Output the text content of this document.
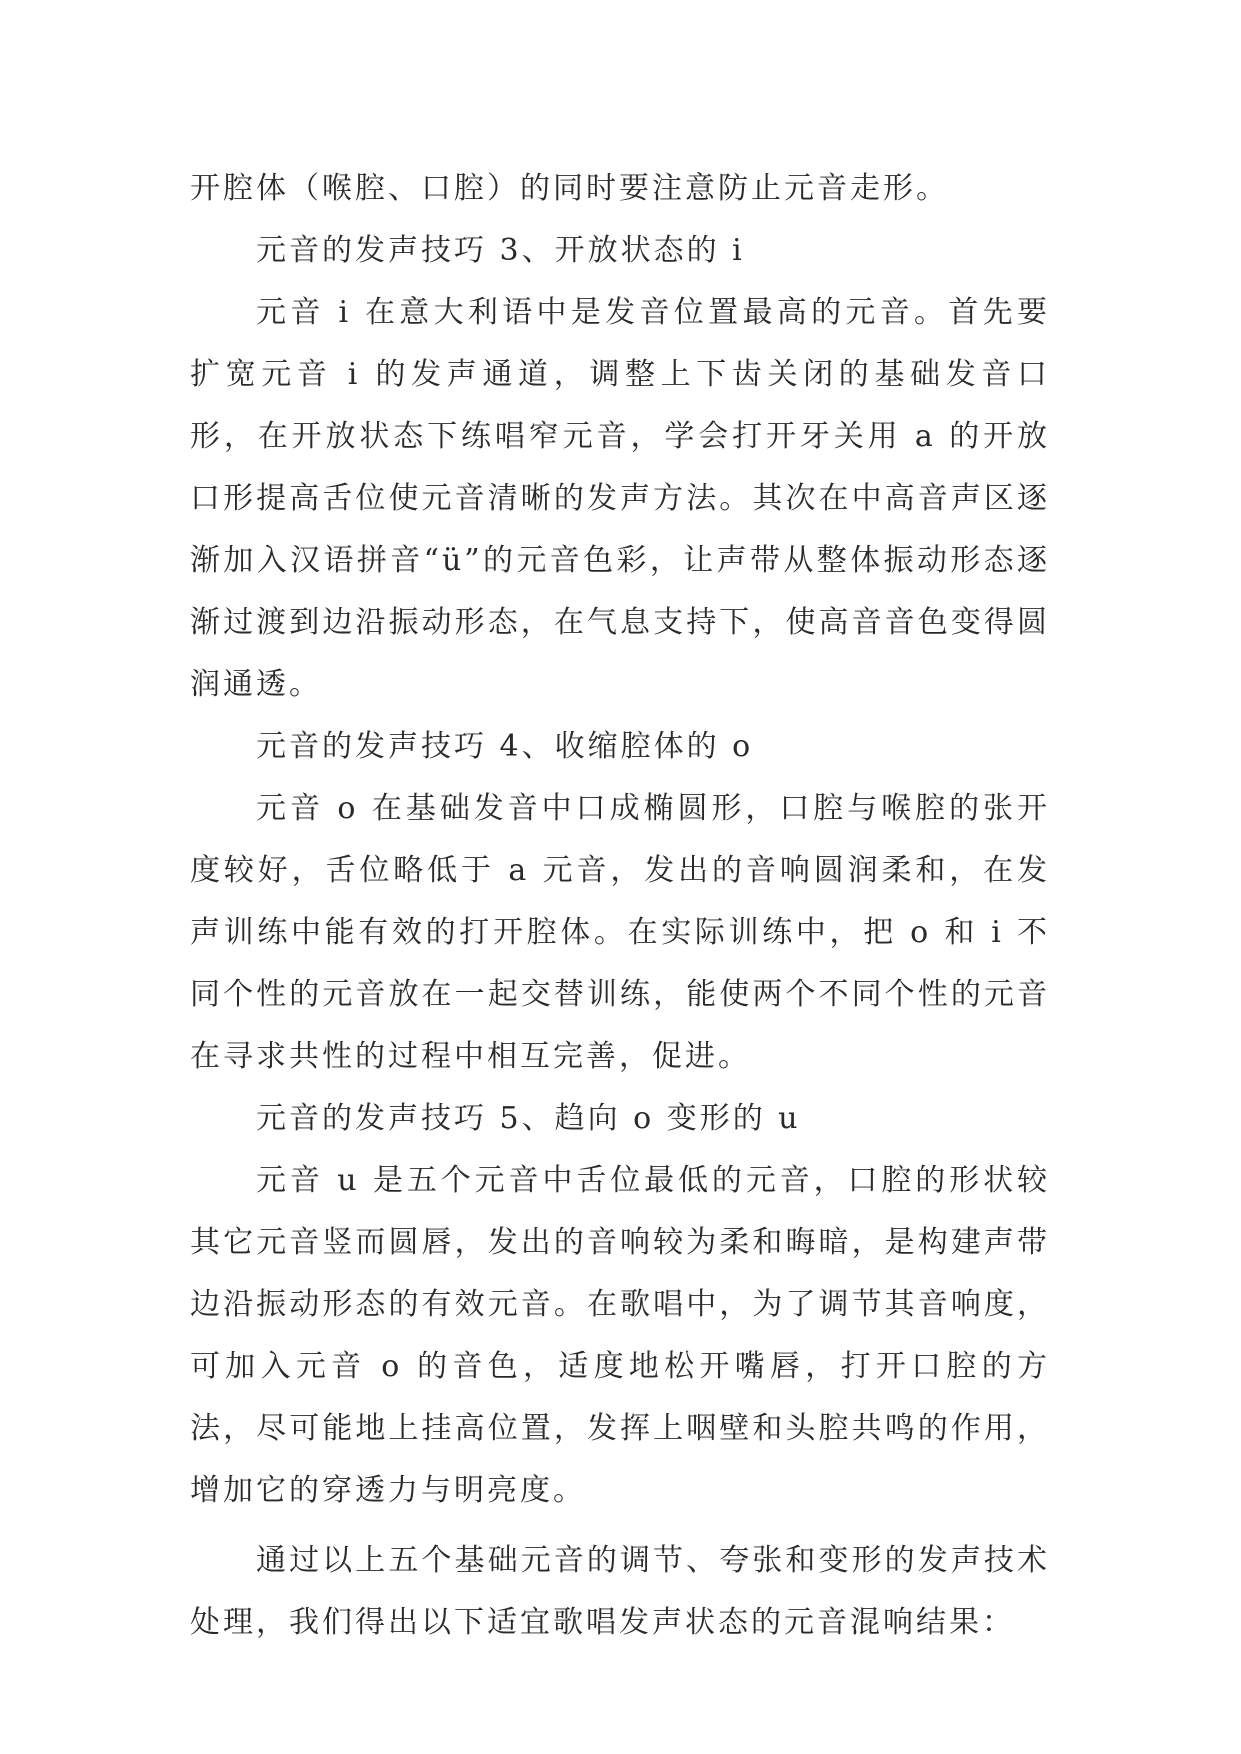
开腔体（喉腔、口腔）的同时要注意防止元音走形。

元音的发声技巧 3、开放状态的 i

元音 i 在意大利语中是发音位置最高的元音。首先要扩宽元音 i 的发声通道，调整上下齿关闭的基础发音口形，在开放状态下练唱窄元音，学会打开牙关用 a 的开放口形提高舌位使元音清晰的发声方法。其次在中高音声区逐渐加入汉语拼音“ü”的元音色彩，让声带从整体振动形态逐渐过渡到边沿振动形态，在气息支持下，使高音音色变得圆润通透。

元音的发声技巧 4、收缩腔体的 o

元音 o 在基础发音中口成椭圆形，口腔与喉腔的张开度较好，舌位略低于 a 元音，发出的音响圆润柔和，在发声训练中能有效的打开腔体。在实际训练中，把 o 和 i 不同个性的元音放在一起交替训练，能使两个不同个性的元音在寻求共性的过程中相互完善，促进。

元音的发声技巧 5、趋向 o 变形的 u

元音 u 是五个元音中舌位最低的元音，口腔的形状较其它元音竖而圆唇，发出的音响较为柔和晦暗，是构建声带边沿振动形态的有效元音。在歌唱中，为了调节其音响度，可加入元音 o 的音色，适度地松开嘴唇，打开口腔的方法，尽可能地上挂高位置，发挥上咽壁和头腔共鸣的作用，增加它的穿透力与明亮度。

通过以上五个基础元音的调节、夸张和变形的发声技术处理，我们得出以下适宜歌唱发声状态的元音混响结果：
